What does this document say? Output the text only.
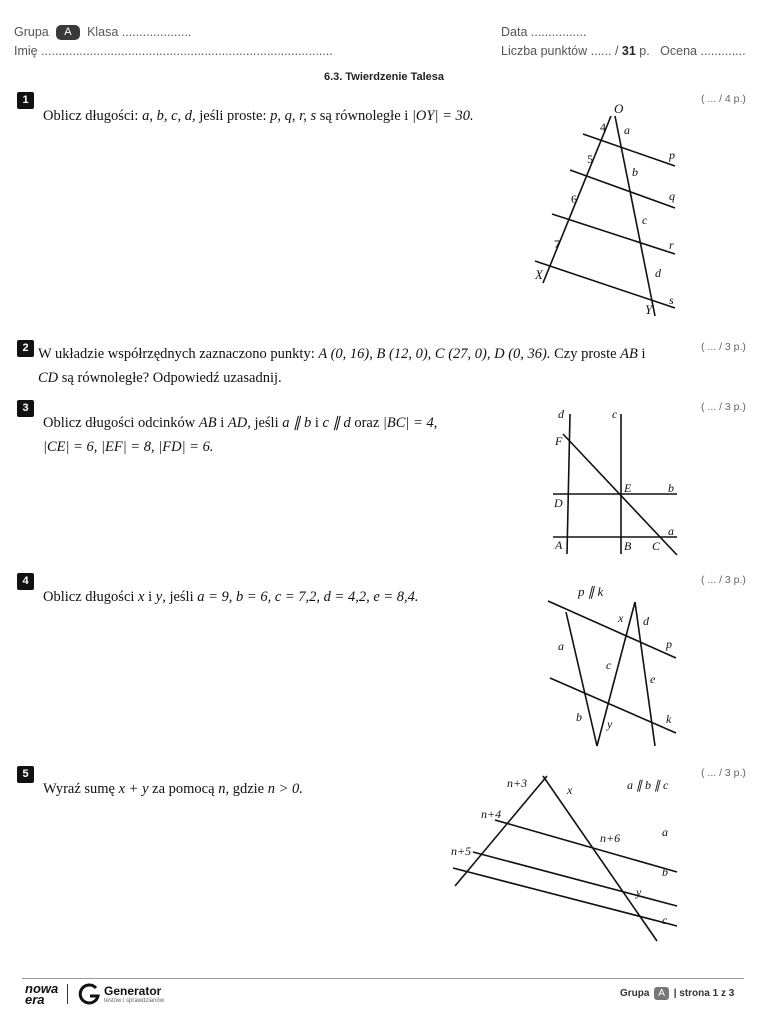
Grupa A Klasa ....................
Imię ....................................................................................
Data ................
Liczba punktów ...... / 31 p. Ocena .............
6.3. Twierdzenie Talesa
1	( ... / 4 p.)
Oblicz długości: a, b, c, d, jeśli proste: p, q, r, s są równoległe i |OY| = 30.	O
X
Y
4
5
6
7
a
b
c
d
p
q
r
s
2	( ... / 3 p.)
W układzie współrzędnych zaznaczono punkty: A (0, 16), B (12, 0), C (27, 0), D (0, 36). Czy proste AB i
CD są równoległe? Odpowiedź uzasadnij.
3	( ... / 3 p.)
Oblicz długości odcinków AB i AD, jeśli a ∥ b i c ∥ d oraz |BC| = 4,
|CE| = 6, |EF| = 8, |FD| = 6.
d	c
F
E	b
D
a
A	B C
4	( ... / 3 p.)
Oblicz długości x i y, jeśli a = 9, b = 6, c = 7,2, d = 4,2, e = 8,4.	p ∥ k
x d
p
a
c
e
b y	k
5	( ... / 3 p.)
Wyraź sumę x + y za pomocą n, gdzie n > 0.	n+3	x	a ∥ b ∥ c
n+4
a
n+6
n+5
b
y
c
nowa
era
Generator
testów i sprawdzianów
Grupa A | strona 1 z 3
